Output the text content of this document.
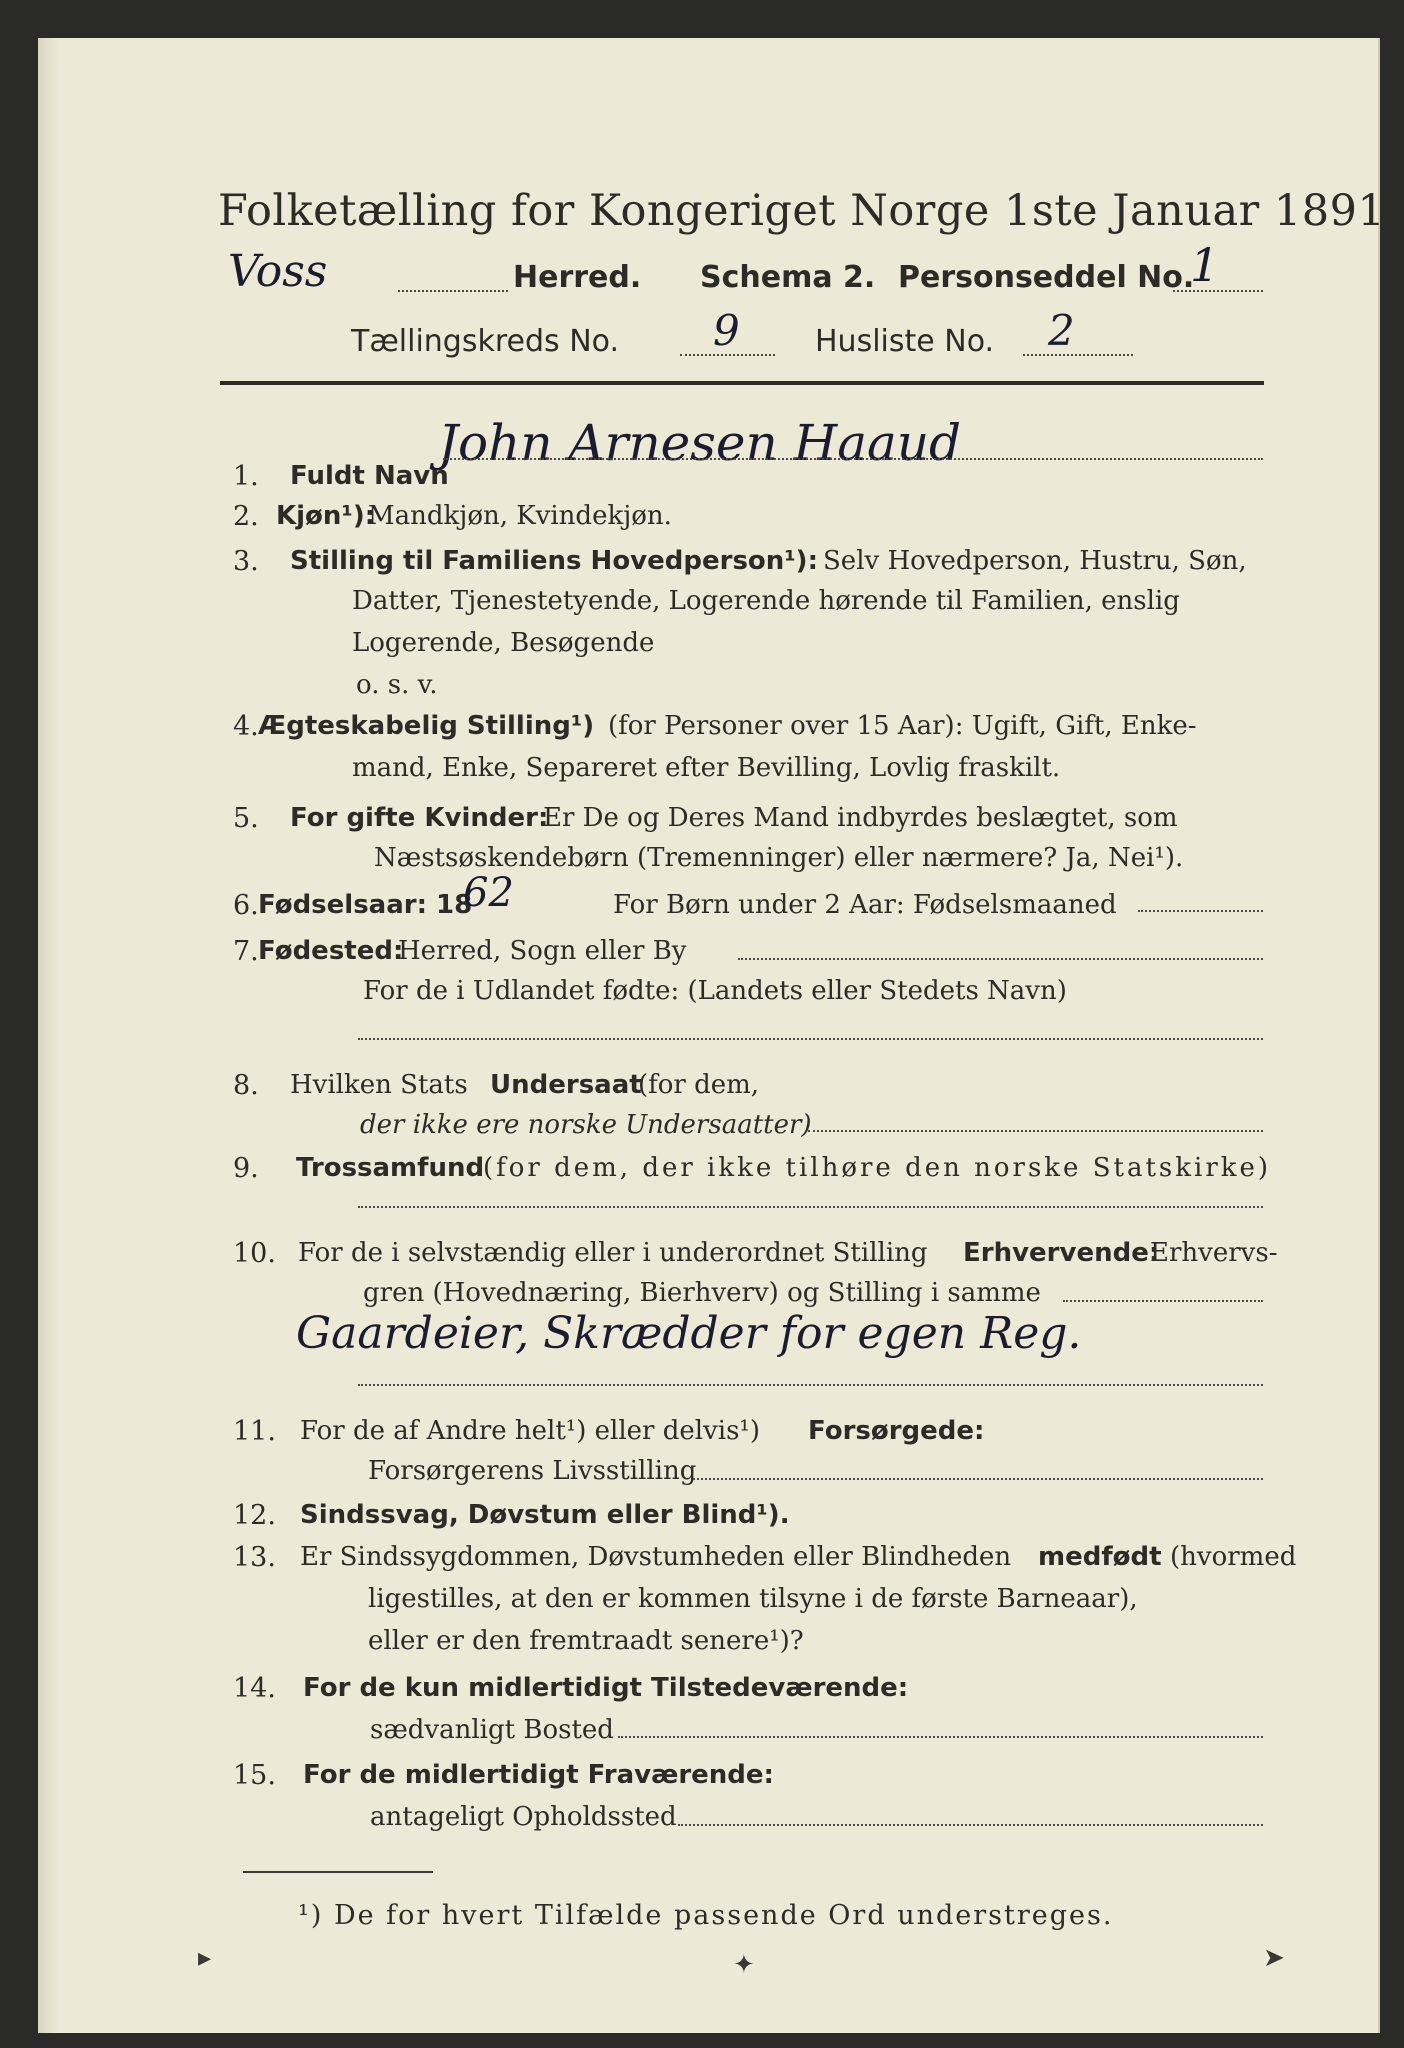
Folketælling for Kongeriget Norge 1ste Januar 1891.
Voss	Herred. Schema 2. Personseddel No.
1
Tællingskreds No. 9	Husliste No. 2
1.	Fuldt Navn
John Arnesen Haaud
2. Kjøn¹):
Mandkjøn, Kvindekjøn.
3.	Stilling til Familiens Hovedperson¹): Selv Hovedperson, Hustru, Søn,
Datter, Tjenestetyende, Logerende hørende til Familien, enslig
Logerende, Besøgende
o. s. v.
4. Ægteskabelig Stilling¹) (for Personer over 15 Aar): Ugift, Gift, Enke-
mand, Enke, Separeret efter Bevilling, Lovlig fraskilt.
5.	For gifte Kvinder:
Er De og Deres Mand indbyrdes beslægtet, som
Næstsøskendebørn (Tremenninger) eller nærmere? Ja, Nei¹).
6. Fødselsaar: 18
62	For Børn under 2 Aar: Fødselsmaaned
7. Fødested:
Herred, Sogn eller By
For de i Udlandet fødte: (Landets eller Stedets Navn)
8.	Hvilken Stats Undersaat
(for dem,
der ikke ere norske Undersaatter)
9.	Trossamfund
(for dem, der ikke tilhøre den norske Statskirke)
10. For de i selvstændig eller i underordnet Stilling Erhvervende:
Erhvervs-
gren (Hovednæring, Bierhverv) og Stilling i samme
Gaardeier, Skrædder for egen Reg.
11. For de af Andre helt¹) eller delvis¹) Forsørgede:
Forsørgerens Livsstilling
12. Sindssvag, Døvstum eller Blind¹).
13. Er Sindssygdommen, Døvstumheden eller Blindheden medfødt (hvormed
ligestilles, at den er kommen tilsyne i de første Barneaar),
eller er den fremtraadt senere¹)?
14.	For de kun midlertidigt Tilstedeværende:
sædvanligt Bosted
15.	For de midlertidigt Fraværende:
antageligt Opholdssted
¹) De for hvert Tilfælde passende Ord understreges.
▸	✦	➤
